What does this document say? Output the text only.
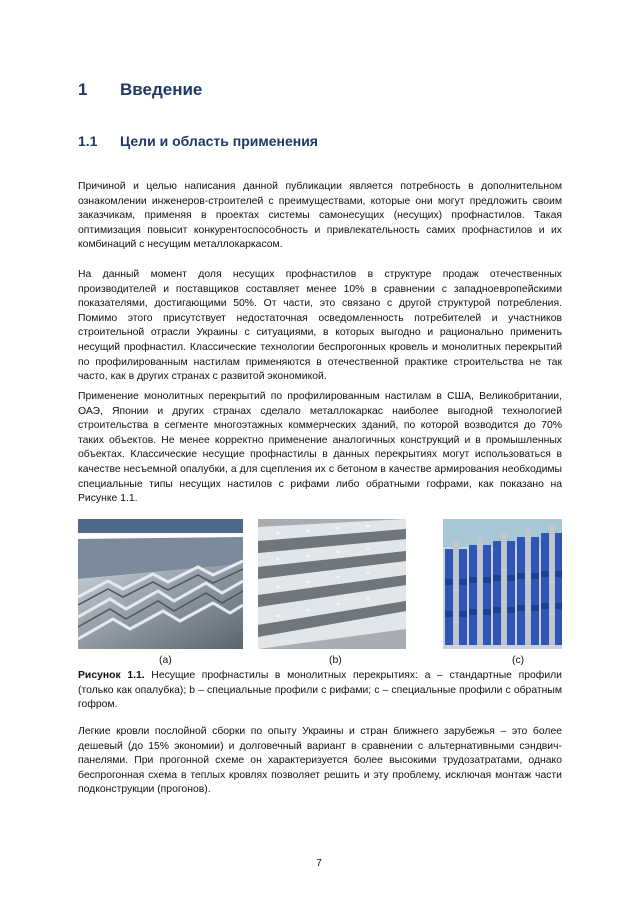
1 Введение
1.1 Цели и область применения

Причиной и целью написания данной публикации является потребность в дополнительном ознакомлении инженеров-строителей с преимуществами, которые они могут предложить своим заказчикам, применяя в проектах системы самонесущих (несущих) профнастилов. Такая оптимизация повысит конкурентоспособность и привлекательность самих профнастилов и их комбинаций с несущим металлокаркасом.

На данный момент доля несущих профнастилов в структуре продаж отечественных производителей и поставщиков составляет менее 10% в сравнении с западноевропейскими показателями, достигающими 50%. От части, это связано с другой структурой потребления. Помимо этого присутствует недостаточная осведомленность потребителей и участников строительной отрасли Украины с ситуациями, в которых выгодно и рационально применить несущий профнастил. Классические технологии беспрогонных кровель и монолитных перекрытий по профилированным настилам применяются в отечественной практике строительства не так часто, как в других странах с развитой экономикой.

Применение монолитных перекрытий по профилированным настилам в США, Великобритании, ОАЭ, Японии и других странах сделало металлокаркас наиболее выгодной технологией строительства в сегменте многоэтажных коммерческих зданий, по которой возводится до 70% таких объектов. Не менее корректно применение аналогичных конструкций и в промышленных объектах. Классические несущие профнастилы в данных перекрытиях могут использоваться в качестве несъемной опалубки, а для сцепления их с бетоном в качестве армирования необходимы специальные типы несущих настилов с рифами либо обратными гофрами, как показано на Рисунке 1.1.

(a)	(b)	(c)

Рисунок 1.1. Несущие профнастилы в монолитных перекрытиях: a – стандартные профили (только как опалубка); b – специальные профили с рифами; c – специальные профили с обратным гофром.

Легкие кровли послойной сборки по опыту Украины и стран ближнего зарубежья – это более дешевый (до 15% экономии) и долговечный вариант в сравнении с альтернативными сэндвич-панелями. При прогонной схеме он характеризуется более высокими трудозатратами, однако беспрогонная схема в теплых кровлях позволяет решить и эту проблему, исключая монтаж части подконструкции (прогонов).

7
